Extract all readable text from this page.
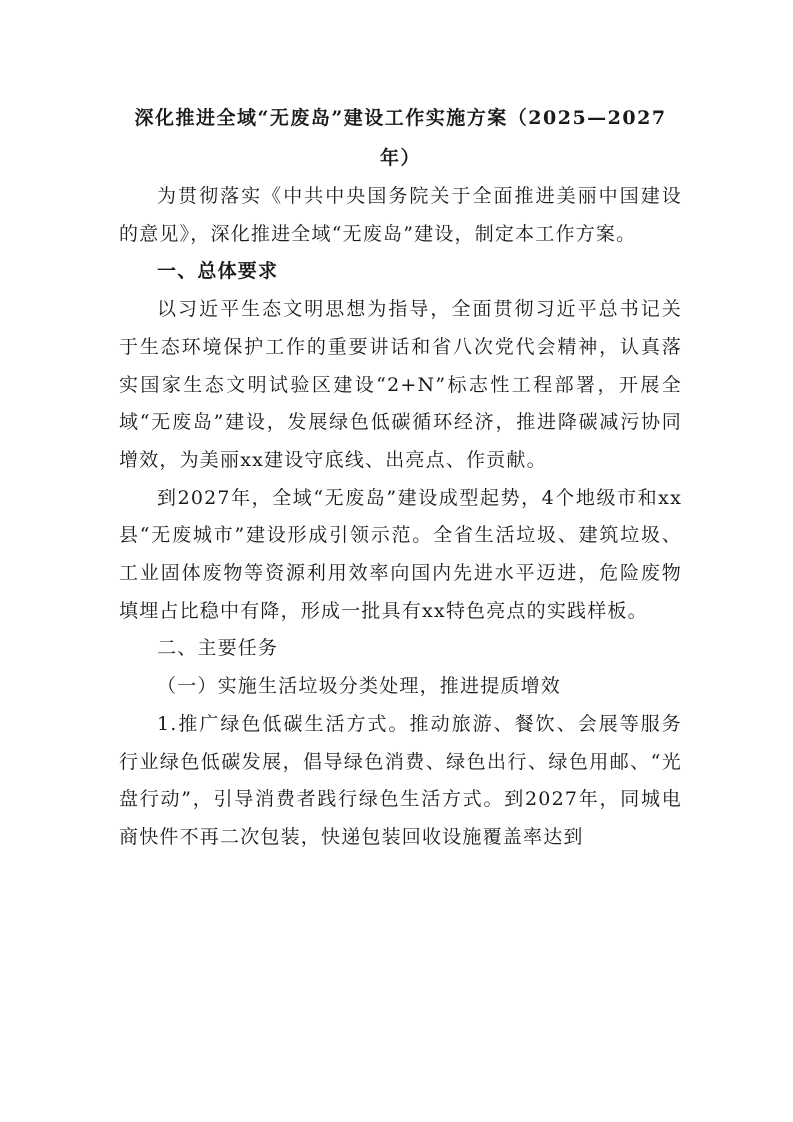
深化推进全域“无废岛”建设工作实施方案（2025—2027年）

为贯彻落实《中共中央国务院关于全面推进美丽中国建设的意见》，深化推进全域“无废岛”建设，制定本工作方案。

一、总体要求

以习近平生态文明思想为指导，全面贯彻习近平总书记关于生态环境保护工作的重要讲话和省八次党代会精神，认真落实国家生态文明试验区建设“2+N”标志性工程部署，开展全域“无废岛”建设，发展绿色低碳循环经济，推进降碳减污协同增效，为美丽xx建设守底线、出亮点、作贡献。

到2027年，全域“无废岛”建设成型起势，4个地级市和xx县“无废城市”建设形成引领示范。全省生活垃圾、建筑垃圾、工业固体废物等资源利用效率向国内先进水平迈进，危险废物填埋占比稳中有降，形成一批具有xx特色亮点的实践样板。

二、主要任务

（一）实施生活垃圾分类处理，推进提质增效

1.推广绿色低碳生活方式。推动旅游、餐饮、会展等服务行业绿色低碳发展，倡导绿色消费、绿色出行、绿色用邮、“光盘行动”，引导消费者践行绿色生活方式。到2027年，同城电商快件不再二次包装，快递包装回收设施覆盖率达到
